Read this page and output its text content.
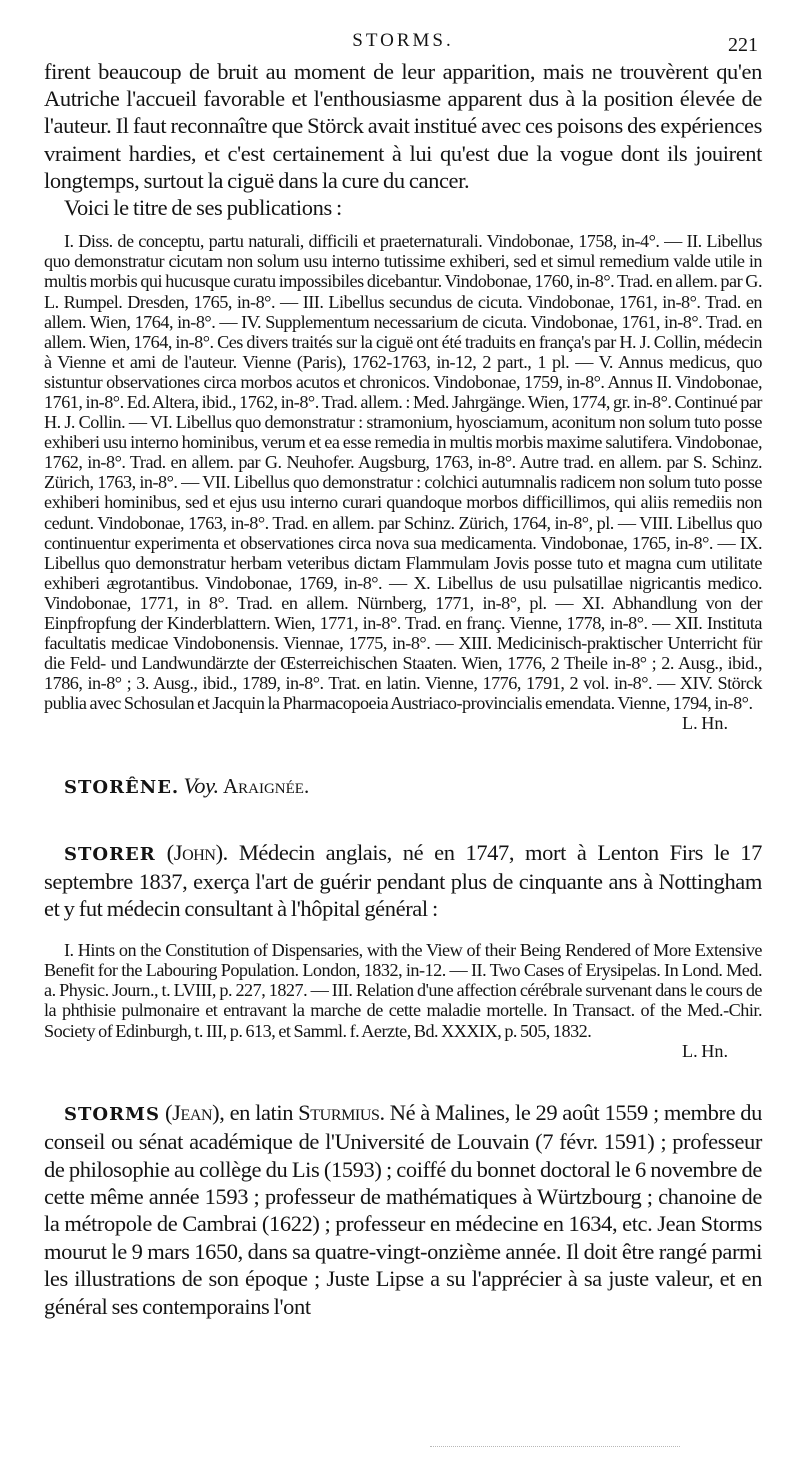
STORMS.	221

firent beaucoup de bruit au moment de leur apparition, mais ne trouvèrent qu'en Autriche l'accueil favorable et l'enthousiasme apparent dus à la position élevée de l'auteur. Il faut reconnaître que Störck avait institué avec ces poisons des expériences vraiment hardies, et c'est certainement à lui qu'est due la vogue dont ils jouirent longtemps, surtout la ciguë dans la cure du cancer.

Voici le titre de ses publications :

I. Diss. de conceptu, partu naturali, difficili et praeternaturali. Vindobonae, 1758, in-4°. — II. Libellus quo demonstratur cicutam non solum usu interno tutissime exhiberi, sed et simul remedium valde utile in multis morbis qui hucusque curatu impossibiles dicebantur. Vindobonae, 1760, in-8°. Trad. en allem. par G. L. Rumpel. Dresden, 1765, in-8°. — III. Libellus secundus de cicuta. Vindobonae, 1761, in-8°. Trad. en allem. Wien, 1764, in-8°. — IV. Supplementum necessarium de cicuta. Vindobonae, 1761, in-8°. Trad. en allem. Wien, 1764, in-8°. Ces divers traités sur la ciguë ont été traduits en françа's par H. J. Collin, médecin à Vienne et ami de l'auteur. Vienne (Paris), 1762-1763, in-12, 2 part., 1 pl. — V. Annus medicus, quo sistuntur observationes circa morbos acutos et chronicos. Vindobonae, 1759, in-8°. Annus II. Vindobonae, 1761, in-8°. Ed. Altera, ibid., 1762, in-8°. Trad. allem. : Med. Jahrgänge. Wien, 1774, gr. in-8°. Continué par H. J. Collin. — VI. Libellus quo demonstratur : stramonium, hyosciamum, aconitum non solum tuto posse exhiberi usu interno hominibus, verum et ea esse remedia in multis morbis maxime salutifera. Vindobonae, 1762, in-8°. Trad. en allem. par G. Neuhofer. Augsburg, 1763, in-8°. Autre trad. en allem. par S. Schinz. Zürich, 1763, in-8°. — VII. Libellus quo demonstratur : colchici autumnalis radicem non solum tuto posse exhiberi hominibus, sed et ejus usu interno curari quandoque morbos difficillimos, qui aliis remediis non cedunt. Vindobonae, 1763, in-8°. Trad. en allem. par Schinz. Zürich, 1764, in-8°, pl. — VIII. Libellus quo continuentur experimenta et observationes circa nova sua medicamenta. Vindobonae, 1765, in-8°. — IX. Libellus quo demonstratur herbam veteribus dictam Flammulam Jovis posse tuto et magna cum utilitate exhiberi ægrotantibus. Vindobonae, 1769, in-8°. — X. Libellus de usu pulsatillae nigricantis medico. Vindobonae, 1771, in 8°. Trad. en allem. Nürnberg, 1771, in-8°, pl. — XI. Abhandlung von der Einpfropfung der Kinderblattern. Wien, 1771, in-8°. Trad. en franç. Vienne, 1778, in-8°. — XII. Instituta facultatis medicae Vindobonensis. Viennae, 1775, in-8°. — XIII. Medicinisch-praktischer Unterricht für die Feld- und Landwundärzte der Œsterreichischen Staaten. Wien, 1776, 2 Theile in-8° ; 2. Ausg., ibid., 1786, in-8° ; 3. Ausg., ibid., 1789, in-8°. Trat. en latin. Vienne, 1776, 1791, 2 vol. in-8°. — XIV. Störck publia avec Schosulan et Jacquin la Pharmacopoeia Austriaco-provincialis emendata. Vienne, 1794, in-8°.

L. Hn.

STORÊNE. Voy. Araignée.

STORER (John). Médecin anglais, né en 1747, mort à Lenton Firs le 17 septembre 1837, exerça l'art de guérir pendant plus de cinquante ans à Nottingham et y fut médecin consultant à l'hôpital général :

I. Hints on the Constitution of Dispensaries, with the View of their Being Rendered of More Extensive Benefit for the Labouring Population. London, 1832, in-12. — II. Two Cases of Erysipelas. In Lond. Med. a. Physic. Journ., t. LVIII, p. 227, 1827. — III. Relation d'une affection cérébrale survenant dans le cours de la phthisie pulmonaire et entravant la marche de cette maladie mortelle. In Transact. of the Med.-Chir. Society of Edinburgh, t. III, p. 613, et Samml. f. Aerzte, Bd. XXXIX, p. 505, 1832.

L. Hn.

STORMS (Jean), en latin Sturmius. Né à Malines, le 29 août 1559 ; membre du conseil ou sénat académique de l'Université de Louvain (7 févr. 1591) ; professeur de philosophie au collège du Lis (1593) ; coiffé du bonnet doctoral le 6 novembre de cette même année 1593 ; professeur de mathématiques à Würtzbourg ; chanoine de la métropole de Cambrai (1622) ; professeur en médecine en 1634, etc. Jean Storms mourut le 9 mars 1650, dans sa quatre-vingt-onzième année. Il doit être rangé parmi les illustrations de son époque ; Juste Lipse a su l'apprécier à sa juste valeur, et en général ses contemporains l'ont
